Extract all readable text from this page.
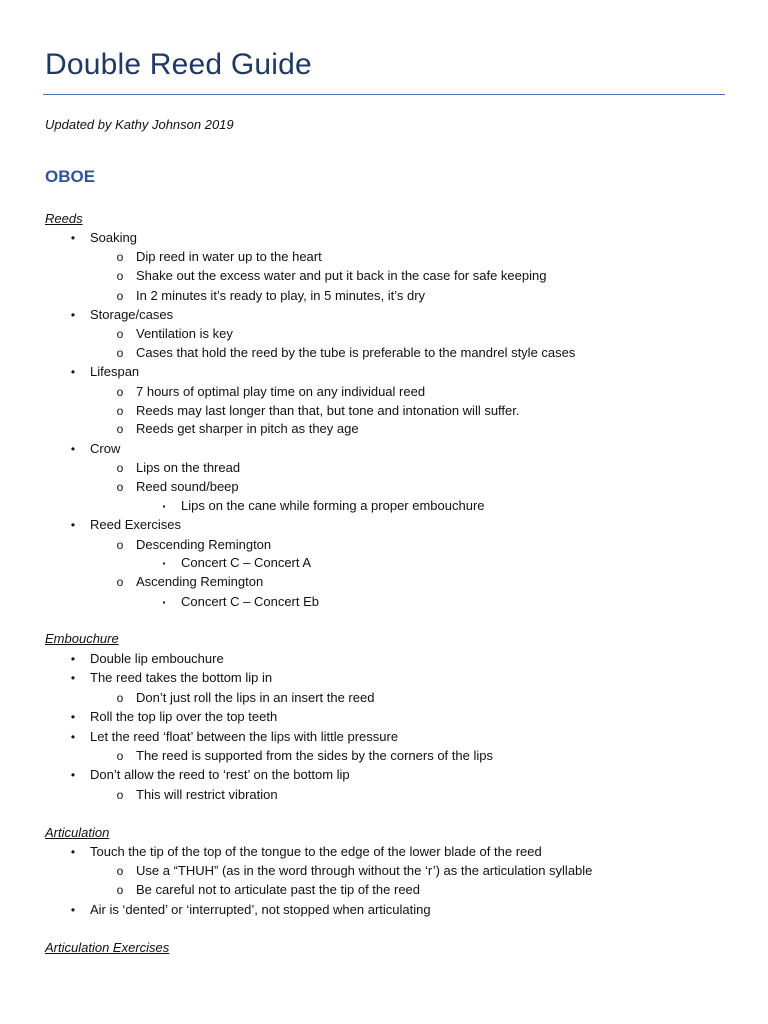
Double Reed Guide
Updated by Kathy Johnson 2019
OBOE
Reeds
•	Soaking
o Dip reed in water up to the heart
o Shake out the excess water and put it back in the case for safe keeping
o In 2 minutes it’s ready to play, in 5 minutes, it’s dry
•	Storage/cases
o Ventilation is key
o Cases that hold the reed by the tube is preferable to the mandrel style cases
•	Lifespan
o 7 hours of optimal play time on any individual reed
o Reeds may last longer than that, but tone and intonation will suffer.
o Reeds get sharper in pitch as they age
•	Crow
o Lips on the thread
o Reed sound/beep
▪	Lips on the cane while forming a proper embouchure
•	Reed Exercises
o Descending Remington
▪	Concert C – Concert A
o Ascending Remington
▪	Concert C – Concert Eb
Embouchure
•	Double lip embouchure
•	The reed takes the bottom lip in
o Don’t just roll the lips in an insert the reed
•	Roll the top lip over the top teeth
•	Let the reed ‘float’ between the lips with little pressure
o The reed is supported from the sides by the corners of the lips
•	Don’t allow the reed to ‘rest’ on the bottom lip
o This will restrict vibration
Articulation
•	Touch the tip of the top of the tongue to the edge of the lower blade of the reed
o Use a “THUH” (as in the word through without the ‘r’) as the articulation syllable
o Be careful not to articulate past the tip of the reed
•	Air is ‘dented’ or ‘interrupted’, not stopped when articulating
Articulation Exercises
